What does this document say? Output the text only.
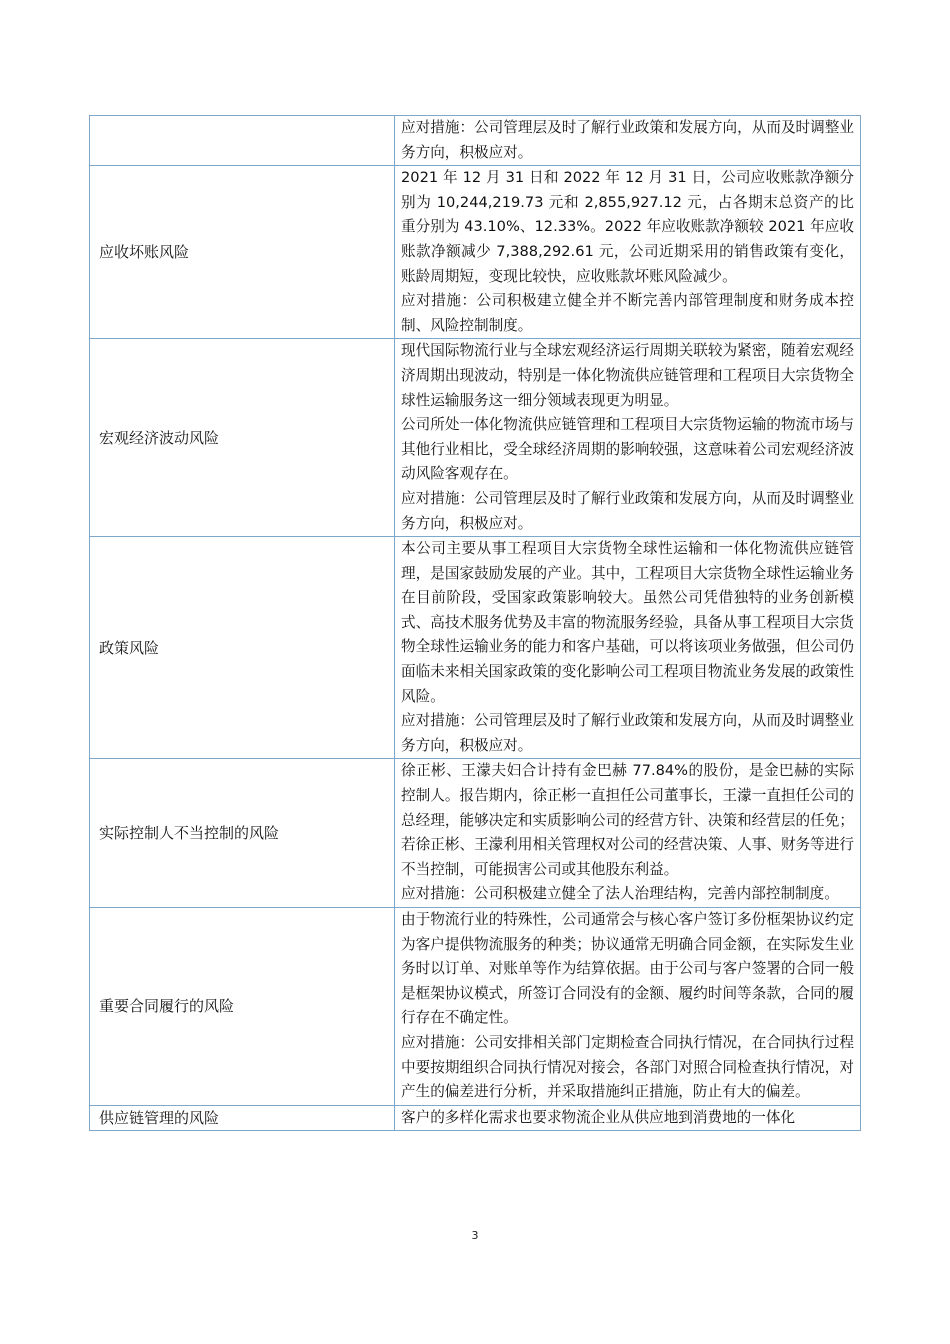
	应对措施：公司管理层及时了解行业政策和发展方向，从而及时调整业务方向，积极应对。

应收坏账风险	2021 年 12 月 31 日和 2022 年 12 月 31 日，公司应收账款净额分别为 10,244,219.73 元和 2,855,927.12 元，占各期末总资产的比重分别为 43.10%、12.33%。2022 年应收账款净额较 2021 年应收账款净额减少 7,388,292.61 元，公司近期采用的销售政策有变化，账龄周期短，变现比较快，应收账款坏账风险减少。

应对措施：公司积极建立健全并不断完善内部管理制度和财务成本控制、风险控制制度。

宏观经济波动风险	现代国际物流行业与全球宏观经济运行周期关联较为紧密，随着宏观经济周期出现波动，特别是一体化物流供应链管理和工程项目大宗货物全球性运输服务这一细分领域表现更为明显。

公司所处一体化物流供应链管理和工程项目大宗货物运输的物流市场与其他行业相比，受全球经济周期的影响较强，这意味着公司宏观经济波动风险客观存在。

应对措施：公司管理层及时了解行业政策和发展方向，从而及时调整业务方向，积极应对。

政策风险	本公司主要从事工程项目大宗货物全球性运输和一体化物流供应链管理，是国家鼓励发展的产业。其中，工程项目大宗货物全球性运输业务在目前阶段，受国家政策影响较大。虽然公司凭借独特的业务创新模式、高技术服务优势及丰富的物流服务经验，具备从事工程项目大宗货物全球性运输业务的能力和客户基础，可以将该项业务做强，但公司仍面临未来相关国家政策的变化影响公司工程项目物流业务发展的政策性风险。

应对措施：公司管理层及时了解行业政策和发展方向，从而及时调整业务方向，积极应对。

实际控制人不当控制的风险	徐正彬、王濛夫妇合计持有金巴赫 77.84%的股份，是金巴赫的实际控制人。报告期内，徐正彬一直担任公司董事长，王濛一直担任公司的总经理，能够决定和实质影响公司的经营方针、决策和经营层的任免；若徐正彬、王濛利用相关管理权对公司的经营决策、人事、财务等进行不当控制，可能损害公司或其他股东利益。

应对措施：公司积极建立健全了法人治理结构，完善内部控制制度。

重要合同履行的风险	由于物流行业的特殊性，公司通常会与核心客户签订多份框架协议约定为客户提供物流服务的种类；协议通常无明确合同金额，在实际发生业务时以订单、对账单等作为结算依据。由于公司与客户签署的合同一般是框架协议模式，所签订合同没有的金额、履约时间等条款，合同的履行存在不确定性。

应对措施：公司安排相关部门定期检查合同执行情况，在合同执行过程中要按期组织合同执行情况对接会，各部门对照合同检查执行情况，对产生的偏差进行分析，并采取措施纠正措施，防止有大的偏差。

供应链管理的风险	客户的多样化需求也要求物流企业从供应地到消费地的一体化

3
